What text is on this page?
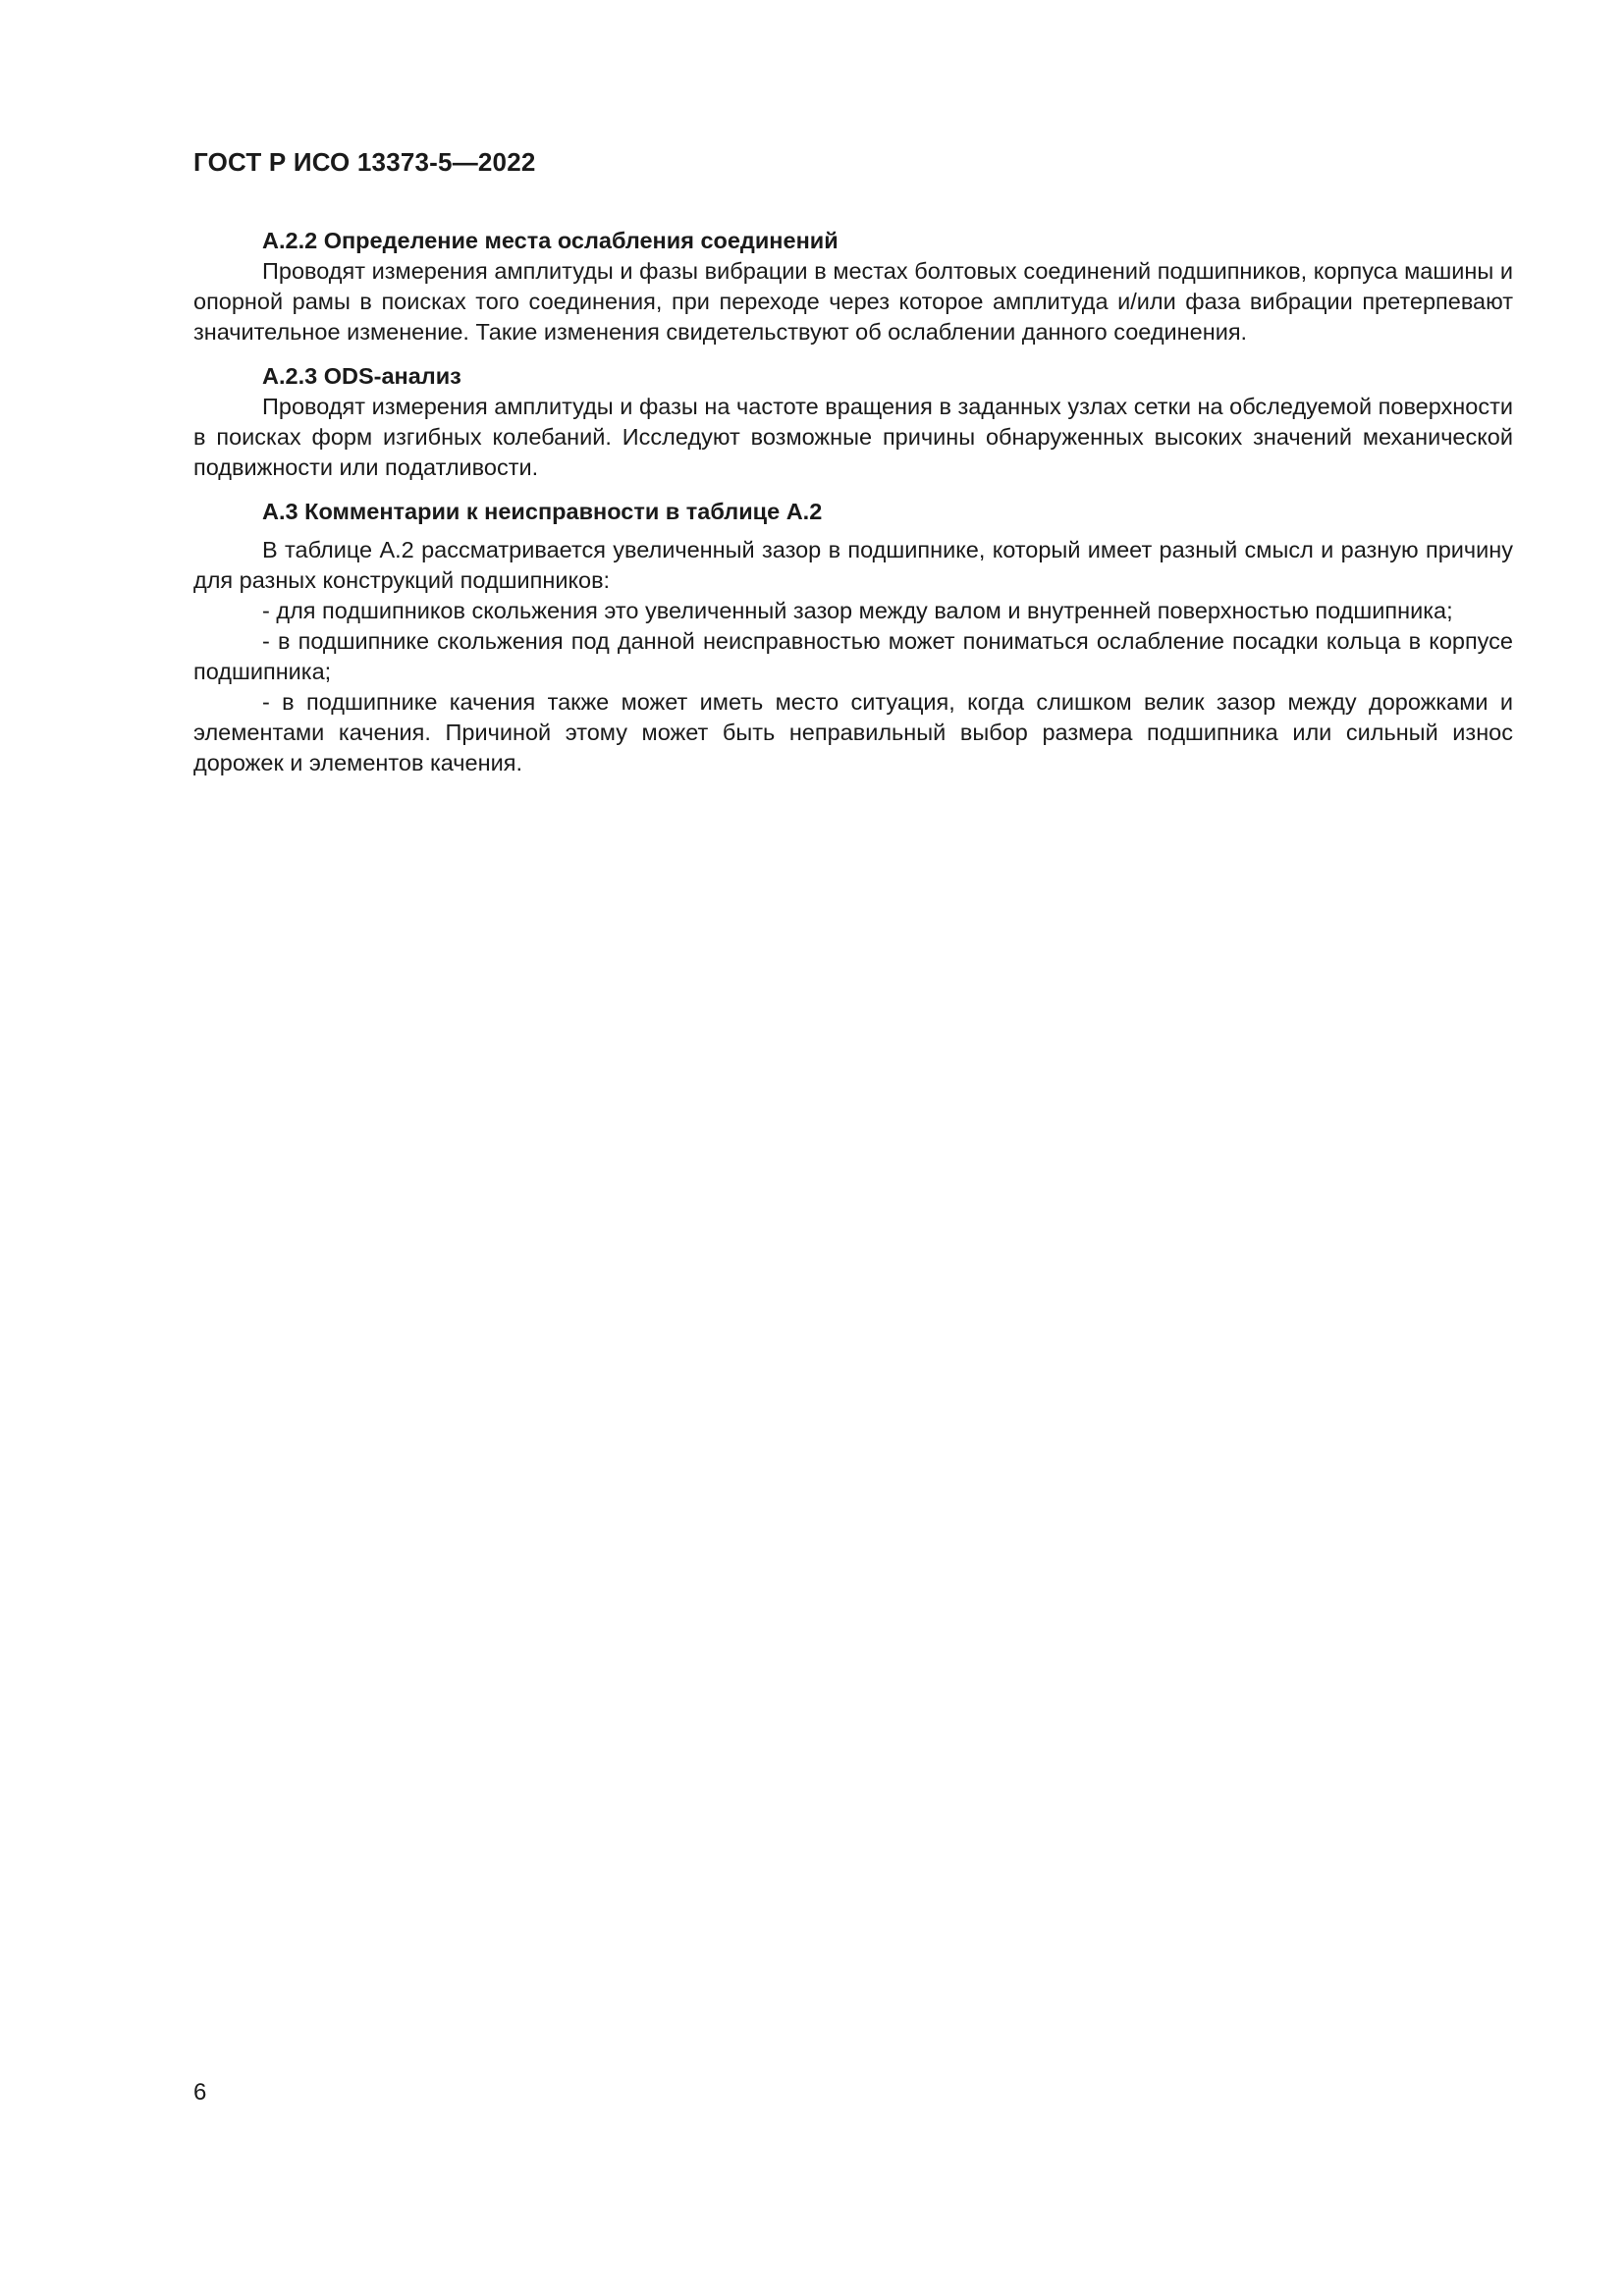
ГОСТ Р ИСО 13373-5—2022

А.2.2 Определение места ослабления соединений

Проводят измерения амплитуды и фазы вибрации в местах болтовых соединений подшипников, корпуса машины и опорной рамы в поисках того соединения, при переходе через которое амплитуда и/или фаза вибрации претерпевают значительное изменение. Такие изменения свидетельствуют об ослаблении данного соединения.

А.2.3 ODS-анализ

Проводят измерения амплитуды и фазы на частоте вращения в заданных узлах сетки на обследуемой поверхности в поисках форм изгибных колебаний. Исследуют возможные причины обнаруженных высоких значений механической подвижности или податливости.

А.3 Комментарии к неисправности в таблице А.2

В таблице А.2 рассматривается увеличенный зазор в подшипнике, который имеет разный смысл и разную причину для разных конструкций подшипников:

- для подшипников скольжения это увеличенный зазор между валом и внутренней поверхностью подшипника;

- в подшипнике скольжения под данной неисправностью может пониматься ослабление посадки кольца в корпусе подшипника;

- в подшипнике качения также может иметь место ситуация, когда слишком велик зазор между дорожками и элементами качения. Причиной этому может быть неправильный выбор размера подшипника или сильный износ дорожек и элементов качения.

6
